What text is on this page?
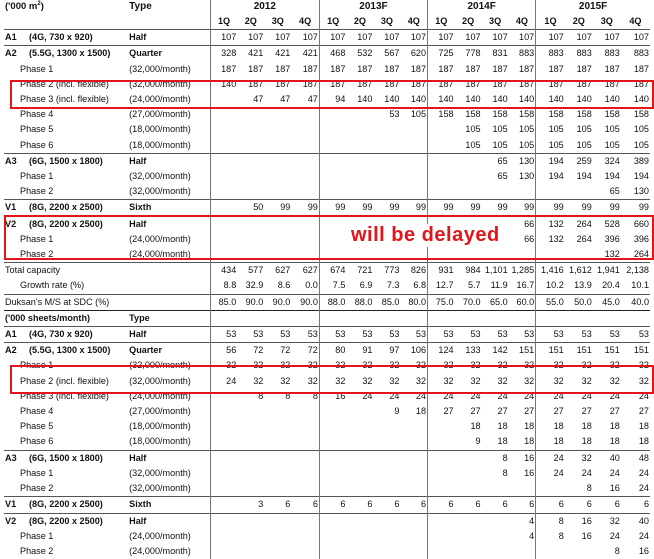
('000 $m^2$)	Type	2012				2013F				2014F				2015F			
		1Q	2Q	3Q	4Q	1Q	2Q	3Q	4Q	1Q	2Q	3Q	4Q	1Q	2Q	3Q	4Q
A1 (4G, 730 x 920)	Half	107	107	107	107	107	107	107	107	107	107	107	107	107	107	107	107
A2 (5.5G, 1300 x 1500)	Quarter	328	421	421	421	468	532	567	620	725	778	831	883	883	883	883	883
Phase 1	(32,000/month)	187	187	187	187	187	187	187	187	187	187	187	187	187	187	187	187
Phase 2 (incl. flexible)	(32,000/month)	140	187	187	187	187	187	187	187	187	187	187	187	187	187	187	187
Phase 3 (incl. flexible)	(24,000/month)		47	47	47	94	140	140	140	140	140	140	140	140	140	140	140
Phase 4	(27,000/month)							53	105	158	158	158	158	158	158	158	158
Phase 5	(18,000/month)										105	105	105	105	105	105	105
Phase 6	(18,000/month)										105	105	105	105	105	105	105
A3 (6G, 1500 x 1800)	Half											65	130	194	259	324	389
Phase 1	(32,000/month)											65	130	194	194	194	194
Phase 2	(32,000/month)															65	130
V1 (8G, 2200 x 2500)	Sixth		50	99	99	99	99	99	99	99	99	99	99	99	99	99	99
V2 (8G, 2200 x 2500)	Half												66	132	264	528	660
Phase 1	(24,000/month)												66	132	264	396	396
Phase 2	(24,000/month)															132	264
Total capacity		434	577	627	627	674	721	773	826	931	984	1,101	1,285	1,416	1,612	1,941	2,138
Growth rate (%)		8.8	32.9	8.6	0.0	7.5	6.9	7.3	6.8	12.7	5.7	11.9	16.7	10.2	13.9	20.4	10.1
Duksan's M/S at SDC (%)		85.0	90.0	90.0	90.0	88.0	88.0	85.0	80.0	75.0	70.0	65.0	60.0	55.0	50.0	45.0	40.0
('000 sheets/month)	Type																
A1 (4G, 730 x 920)	Half	53	53	53	53	53	53	53	53	53	53	53	53	53	53	53	53
A2 (5.5G, 1300 x 1500)	Quarter	56	72	72	72	80	91	97	106	124	133	142	151	151	151	151	151
Phase 1	(32,000/month)	32	32	32	32	32	32	32	32	32	32	32	32	32	32	32	32
Phase 2 (incl. flexible)	(32,000/month)	24	32	32	32	32	32	32	32	32	32	32	32	32	32	32	32
Phase 3 (incl. flexible)	(24,000/month)		8	8	8	16	24	24	24	24	24	24	24	24	24	24	24
Phase 4	(27,000/month)							9	18	27	27	27	27	27	27	27	27
Phase 5	(18,000/month)										18	18	18	18	18	18	18
Phase 6	(18,000/month)										9	18	18	18	18	18	18
A3 (6G, 1500 x 1800)	Half											8	16	24	32	40	48
Phase 1	(32,000/month)											8	16	24	24	24	24
Phase 2	(32,000/month)														8	16	24
V1 (8G, 2200 x 2500)	Sixth		3	6	6	6	6	6	6	6	6	6	6	6	6	6	6
V2 (8G, 2200 x 2500)	Half												4	8	16	32	40
Phase 1	(24,000/month)												4	8	16	24	24
Phase 2	(24,000/month)															8	16
will be delayed
